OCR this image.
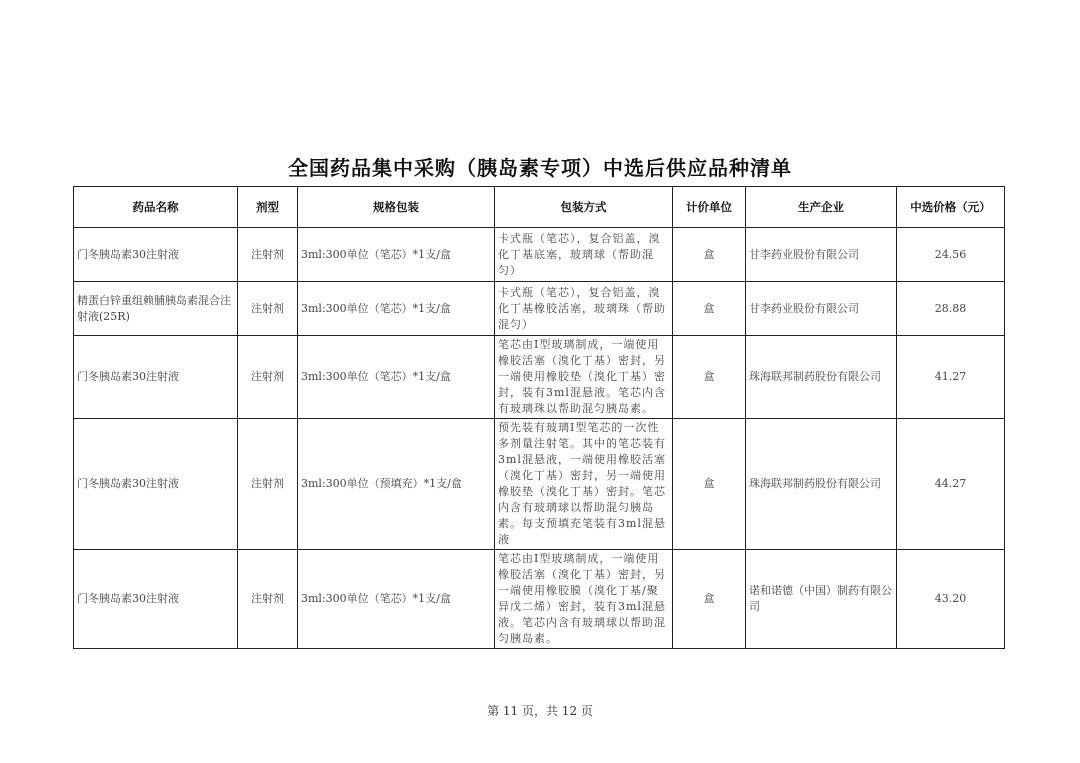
全国药品集中采购（胰岛素专项）中选后供应品种清单
药品名称	剂型	规格包装	包装方式	计价单位	生产企业	中选价格（元）
门冬胰岛素30注射液	注射剂	3ml:300单位（笔芯）*1支/盒	卡式瓶（笔芯），复合铝盖，溴化丁基底塞，玻璃球（帮助混匀）	盒	甘李药业股份有限公司	24.56
精蛋白锌重组赖脯胰岛素混合注射液(25R)	注射剂	3ml:300单位（笔芯）*1支/盒	卡式瓶（笔芯），复合铝盖，溴化丁基橡胶活塞，玻璃珠（帮助混匀）	盒	甘李药业股份有限公司	28.88
门冬胰岛素30注射液	注射剂	3ml:300单位（笔芯）*1支/盒	笔芯由Ⅰ型玻璃制成，一端使用橡胶活塞（溴化丁基）密封，另一端使用橡胶垫（溴化丁基）密封，装有3ml混悬液。笔芯内含有玻璃珠以帮助混匀胰岛素。	盒	珠海联邦制药股份有限公司	41.27
门冬胰岛素30注射液	注射剂	3ml:300单位（预填充）*1支/盒	预先装有玻璃Ⅰ型笔芯的一次性多剂量注射笔。其中的笔芯装有3ml混悬液，一端使用橡胶活塞（溴化丁基）密封，另一端使用橡胶垫（溴化丁基）密封。笔芯内含有玻璃球以帮助混匀胰岛素。每支预填充笔装有3ml混悬液	盒	珠海联邦制药股份有限公司	44.27
门冬胰岛素30注射液	注射剂	3ml:300单位（笔芯）*1支/盒	笔芯由Ⅰ型玻璃制成，一端使用橡胶活塞（溴化丁基）密封，另一端使用橡胶膜（溴化丁基/聚异戊二烯）密封，装有3ml混悬液。笔芯内含有玻璃球以帮助混匀胰岛素。	盒	诺和诺德（中国）制药有限公司	43.20
第 11 页，共 12 页
